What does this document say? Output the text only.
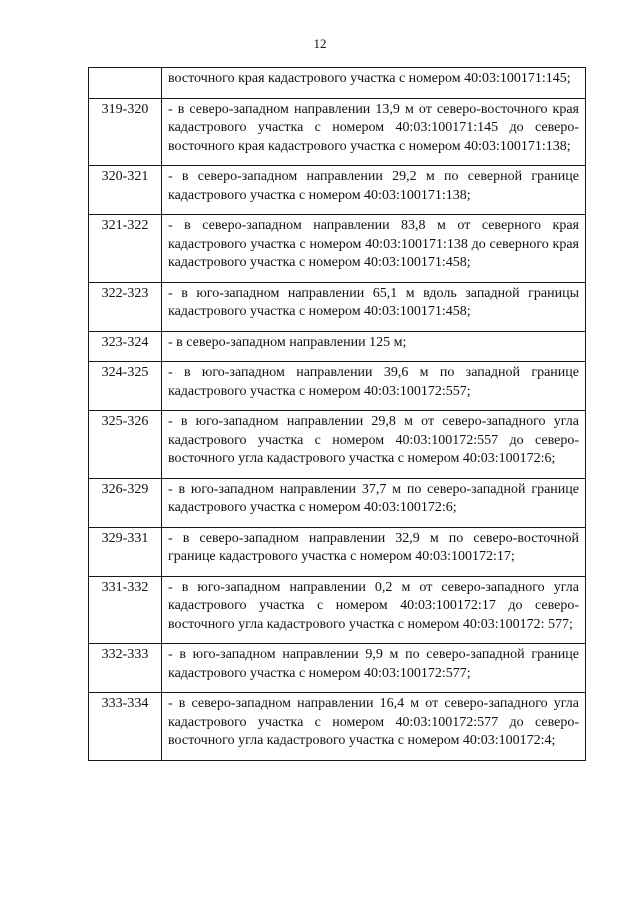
12
	восточного края кадастрового участка с номером 40:03:100171:145;
319-320	- в северо-западном направлении 13,9 м от северо-восточного края кадастрового участка с номером 40:03:100171:145 до северо-восточного края кадастрового участка с номером 40:03:100171:138;
320-321	- в северо-западном направлении 29,2 м по северной границе кадастрового участка с номером 40:03:100171:138;
321-322	- в северо-западном направлении 83,8 м от северного края кадастрового участка с номером 40:03:100171:138 до северного края кадастрового участка с номером 40:03:100171:458;
322-323	- в юго-западном направлении 65,1 м вдоль западной границы кадастрового участка с номером 40:03:100171:458;
323-324	- в северо-западном направлении 125 м;
324-325	- в юго-западном направлении 39,6 м по западной границе кадастрового участка с номером 40:03:100172:557;
325-326	- в юго-западном направлении 29,8 м от северо-западного угла кадастрового участка с номером 40:03:100172:557 до северо-восточного угла кадастрового участка с номером 40:03:100172:6;
326-329	- в юго-западном направлении 37,7 м по северо-западной границе кадастрового участка с номером 40:03:100172:6;
329-331	- в северо-западном направлении 32,9 м по северо-восточной границе кадастрового участка с номером 40:03:100172:17;
331-332	- в юго-западном направлении 0,2 м от северо-западного угла кадастрового участка с номером 40:03:100172:17 до северо-восточного угла кадастрового участка с номером 40:03:100172: 577;
332-333	- в юго-западном направлении 9,9 м по северо-западной границе кадастрового участка с номером 40:03:100172:577;
333-334	- в северо-западном направлении 16,4 м от северо-западного угла кадастрового участка с номером 40:03:100172:577 до северо-восточного угла кадастрового участка с номером 40:03:100172:4;
